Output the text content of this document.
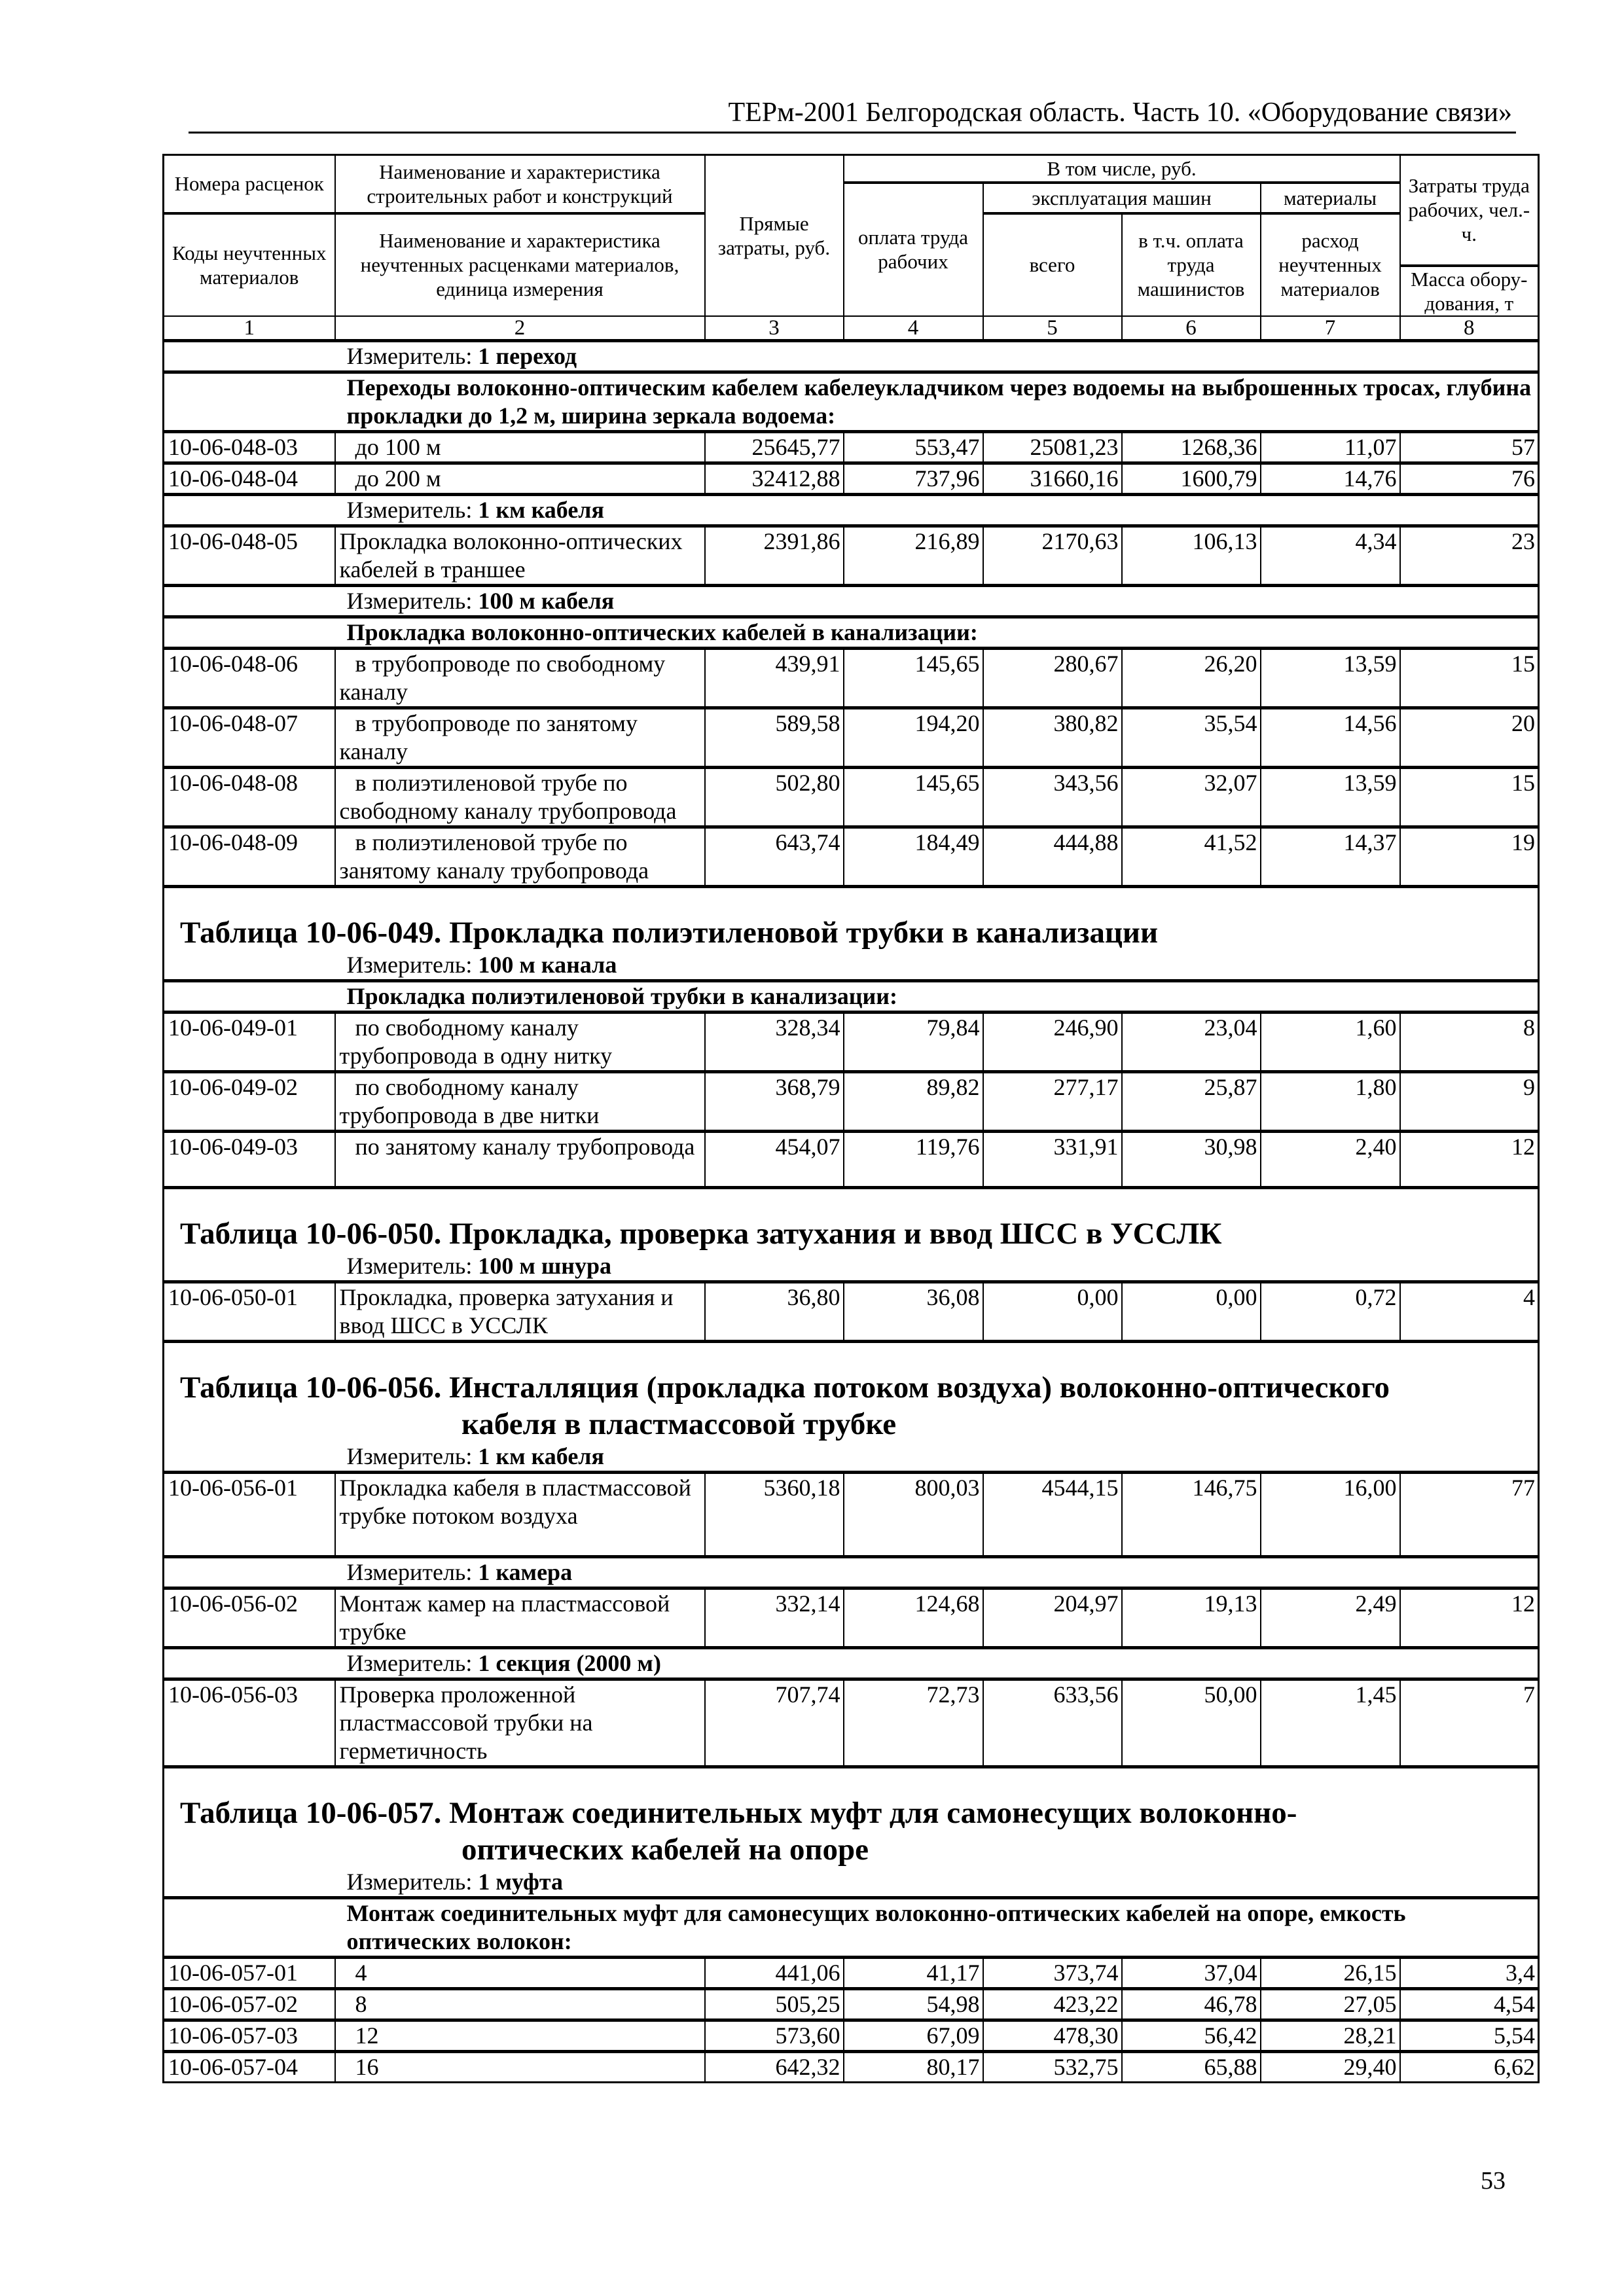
ТЕРм-2001 Белгородская область. Часть 10. «Оборудование связи»
Номера расценок	Наименование и характеристика строительных работ и конструкций	Прямые затраты, руб.	В том числе, руб.				Затраты труда рабочих, чел.-ч.
			оплата труда рабочих	эксплуатация машин		материалы	
Коды неучтенных материалов	Наименование и характеристика неучтенных расценками материалов, единица измерения			всего	в т.ч. оплата труда машинистов	расход неучтенных материалов	
							Масса обору-дования, т
1	2	3	4	5	6	7	8
	Измеритель: 1 переход						
	Переходы волоконно-оптическим кабелем кабелеукладчиком через водоемы на выброшенных тросах, глубина прокладки до 1,2 м, ширина зеркала водоема:						
10-06-048-03	до 100 м	25645,77	553,47	25081,23	1268,36	11,07	57
10-06-048-04	до 200 м	32412,88	737,96	31660,16	1600,79	14,76	76
	Измеритель: 1 км кабеля						
10-06-048-05	Прокладка волоконно-оптических кабелей в траншее	2391,86	216,89	2170,63	106,13	4,34	23
	Измеритель: 100 м кабеля						
	Прокладка волоконно-оптических кабелей в канализации:						
10-06-048-06	в трубопроводе по свободному каналу	439,91	145,65	280,67	26,20	13,59	15
10-06-048-07	в трубопроводе по занятому каналу	589,58	194,20	380,82	35,54	14,56	20
10-06-048-08	в полиэтиленовой трубе по свободному каналу трубопровода	502,80	145,65	343,56	32,07	13,59	15
10-06-048-09	в полиэтиленовой трубе по занятому каналу трубопровода	643,74	184,49	444,88	41,52	14,37	19
Таблица 10-06-049. Прокладка полиэтиленовой трубки в канализации							
	Измеритель: 100 м канала						
	Прокладка полиэтиленовой трубки в канализации:						
10-06-049-01	по свободному каналу трубопровода в одну нитку	328,34	79,84	246,90	23,04	1,60	8
10-06-049-02	по свободному каналу трубопровода в две нитки	368,79	89,82	277,17	25,87	1,80	9
10-06-049-03	по занятому каналу трубопровода	454,07	119,76	331,91	30,98	2,40	12
Таблица 10-06-050. Прокладка, проверка затухания и ввод ШСС в УССЛК							
	Измеритель: 100 м шнура						
10-06-050-01	Прокладка, проверка затухания и ввод ШСС в УССЛК	36,80	36,08	0,00	0,00	0,72	4
Таблица 10-06-056. Инсталляция (прокладка потоком воздуха) волоконно-оптического
кабеля в пластмассовой трубке							

	Измеритель: 1 км кабеля						
10-06-056-01	Прокладка кабеля в пластмассовой трубке потоком воздуха	5360,18	800,03	4544,15	146,75	16,00	77
	Измеритель: 1 камера						
10-06-056-02	Монтаж камер на пластмассовой трубке	332,14	124,68	204,97	19,13	2,49	12
	Измеритель: 1 секция (2000 м)						
10-06-056-03	Проверка проложенной пластмассовой трубки на герметичность	707,74	72,73	633,56	50,00	1,45	7
Таблица 10-06-057. Монтаж соединительных муфт для самонесущих волоконно-
оптических кабелей на опоре							

	Измеритель: 1 муфта						
	Монтаж соединительных муфт для самонесущих волоконно-оптических кабелей на опоре, емкость оптических волокон:						
10-06-057-01	4	441,06	41,17	373,74	37,04	26,15	3,4
10-06-057-02	8	505,25	54,98	423,22	46,78	27,05	4,54
10-06-057-03	12	573,60	67,09	478,30	56,42	28,21	5,54
10-06-057-04	16	642,32	80,17	532,75	65,88	29,40	6,62
53
